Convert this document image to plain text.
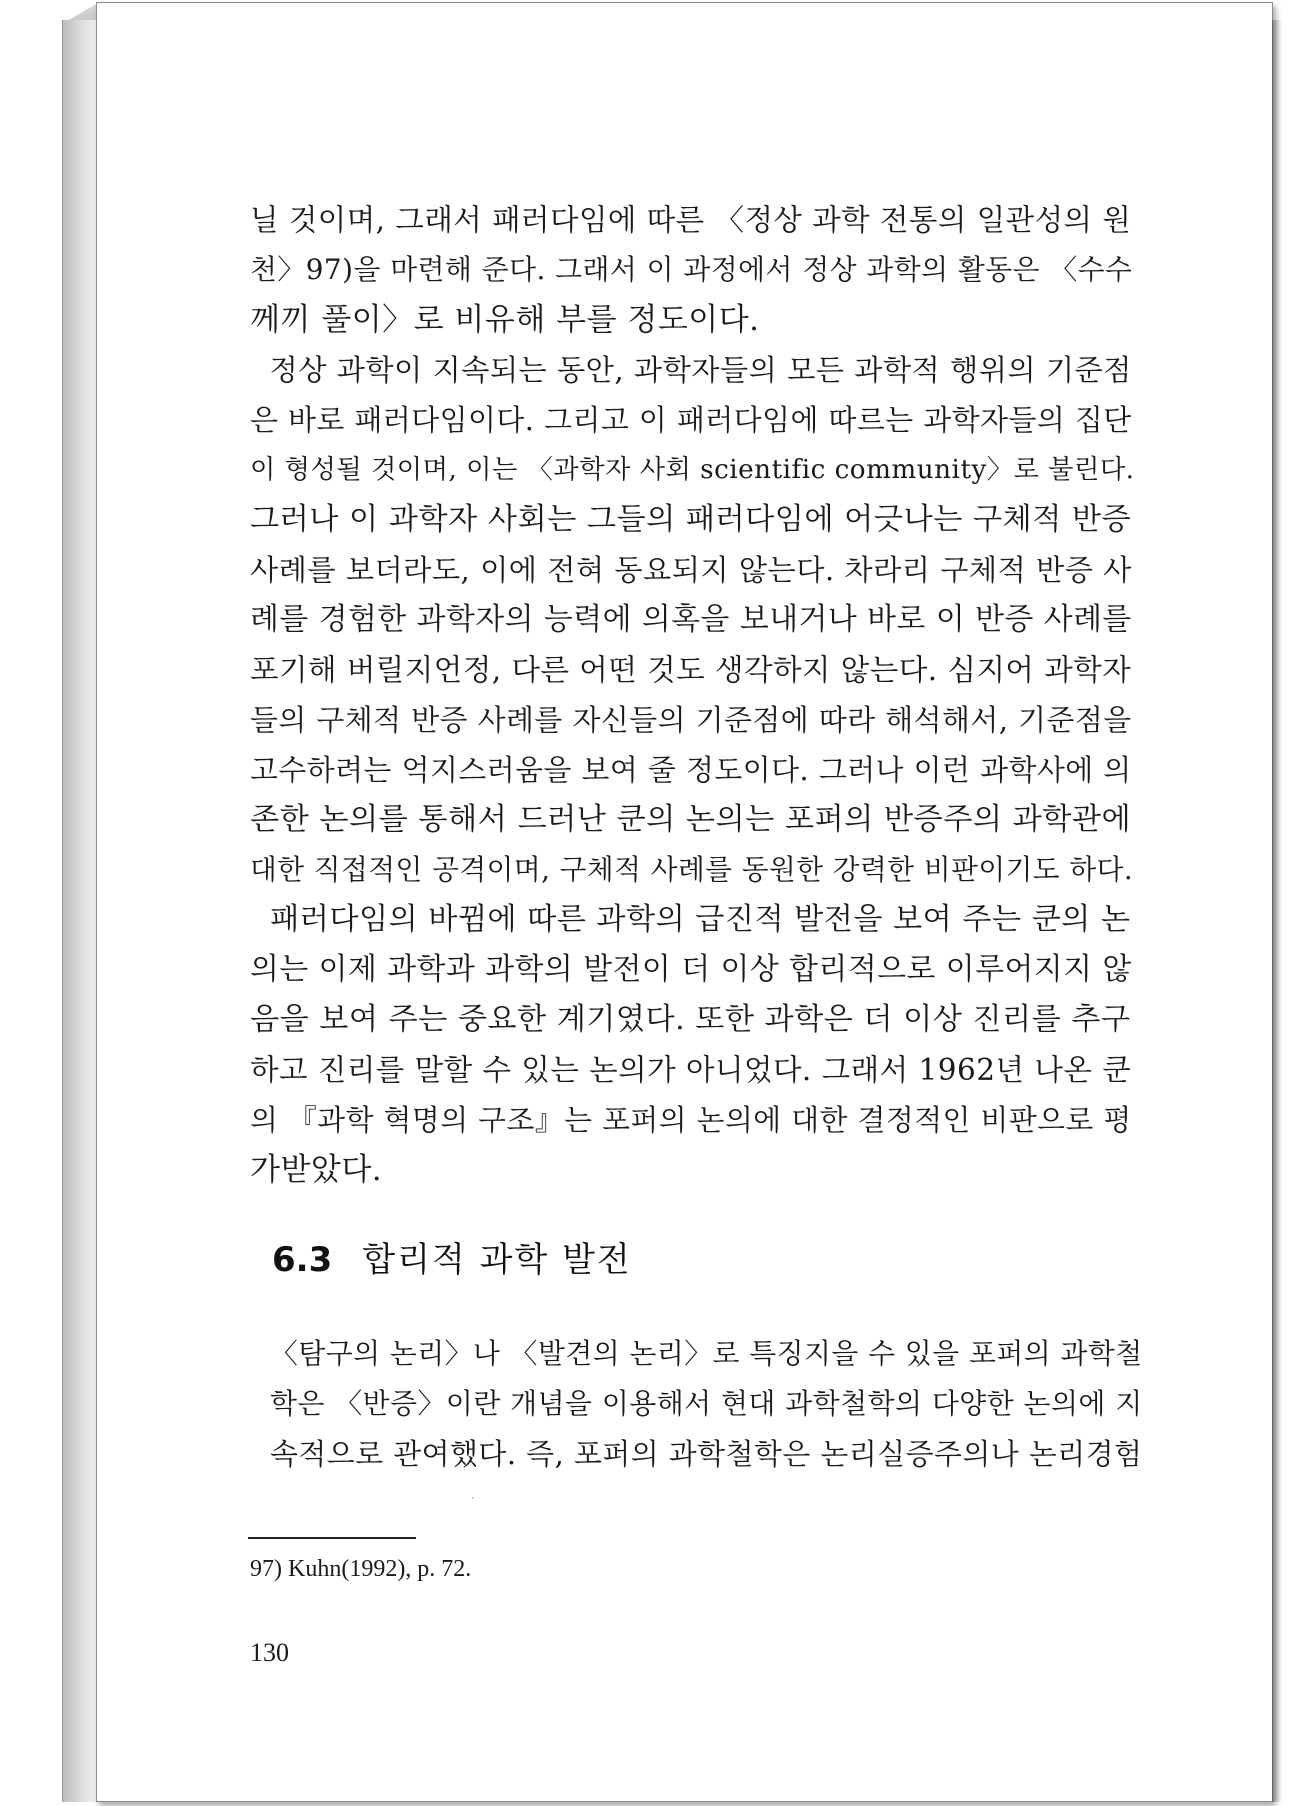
닐 것이며, 그래서 패러다임에 따른 〈정상 과학 전통의 일관성의 원
천〉97)을 마련해 준다. 그래서 이 과정에서 정상 과학의 활동은 〈수수
께끼 풀이〉로 비유해 부를 정도이다.
정상 과학이 지속되는 동안, 과학자들의 모든 과학적 행위의 기준점
은 바로 패러다임이다. 그리고 이 패러다임에 따르는 과학자들의 집단
이 형성될 것이며, 이는 〈과학자 사회 scientific community〉로 불린다.
그러나 이 과학자 사회는 그들의 패러다임에 어긋나는 구체적 반증
사례를 보더라도, 이에 전혀 동요되지 않는다. 차라리 구체적 반증 사
례를 경험한 과학자의 능력에 의혹을 보내거나 바로 이 반증 사례를
포기해 버릴지언정, 다른 어떤 것도 생각하지 않는다. 심지어 과학자
들의 구체적 반증 사례를 자신들의 기준점에 따라 해석해서, 기준점을
고수하려는 억지스러움을 보여 줄 정도이다. 그러나 이런 과학사에 의
존한 논의를 통해서 드러난 쿤의 논의는 포퍼의 반증주의 과학관에
대한 직접적인 공격이며, 구체적 사례를 동원한 강력한 비판이기도 하다.
패러다임의 바뀜에 따른 과학의 급진적 발전을 보여 주는 쿤의 논
의는 이제 과학과 과학의 발전이 더 이상 합리적으로 이루어지지 않
음을 보여 주는 중요한 계기였다. 또한 과학은 더 이상 진리를 추구
하고 진리를 말할 수 있는 논의가 아니었다. 그래서 1962년 나온 쿤
의 『과학 혁명의 구조』는 포퍼의 논의에 대한 결정적인 비판으로 평
가받았다.
6.3 합리적 과학 발전
〈탐구의 논리〉나 〈발견의 논리〉로 특징지을 수 있을 포퍼의 과학철
학은 〈반증〉이란 개념을 이용해서 현대 과학철학의 다양한 논의에 지
속적으로 관여했다. 즉, 포퍼의 과학철학은 논리실증주의나 논리경험
97) Kuhn(1992), p. 72.
130
